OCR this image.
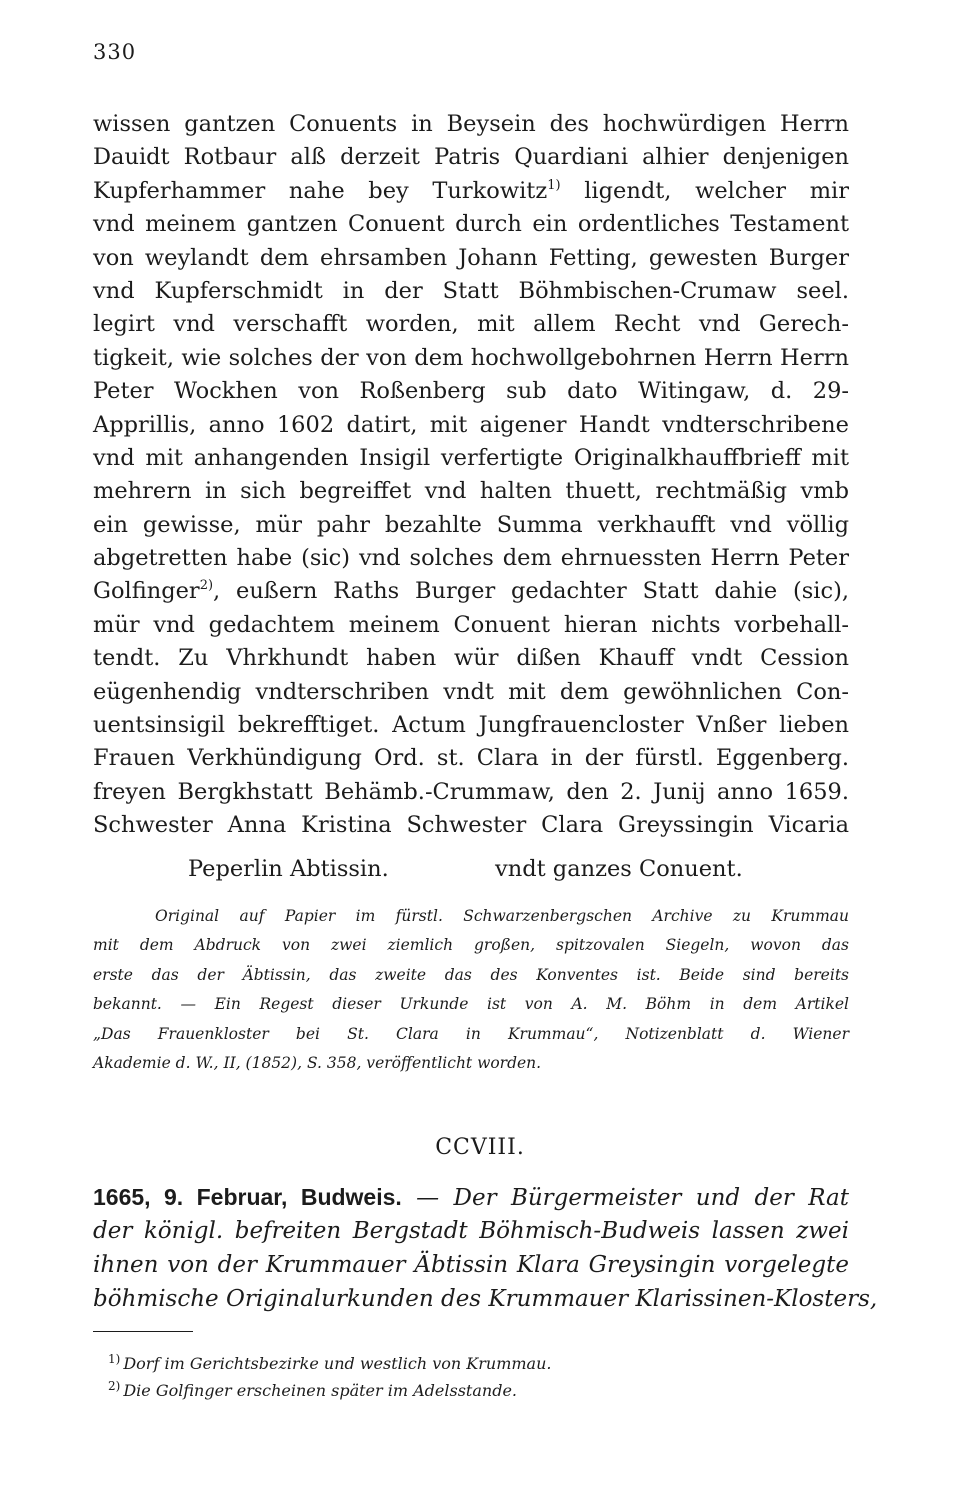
330
wissen gantzen Conuents in Beysein des hochwürdigen Herrn
Dauidt Rotbaur alß derzeit Patris Quardiani alhier denjenigen
Kupferhammer nahe bey Turkowitz$^{1)}$ ligendt, welcher mir
vnd meinem gantzen Conuent durch ein ordentliches Testament
von weylandt dem ehrsamben Johann Fetting, gewesten Burger
vnd Kupferschmidt in der Statt Böhmbischen-Crumaw seel.
legirt vnd verschafft worden, mit allem Recht vnd Gerech-
tigkeit, wie solches der von dem hochwollgebohrnen Herrn Herrn
Peter Wockhen von Roßenberg sub dato Witingaw, d. 29-
Apprillis, anno 1602 datirt, mit aigener Handt vndterschribene
vnd mit anhangenden Insigil verfertigte Originalkhauffbrieff mit
mehrern in sich begreiffet vnd halten thuett, rechtmäßig vmb
ein gewisse, mür pahr bezahlte Summa verkhaufft vnd völlig
abgetretten habe (sic) vnd solches dem ehrnuessten Herrn Peter
Golfinger$^{2)}$, eußern Raths Burger gedachter Statt dahie (sic),
mür vnd gedachtem meinem Conuent hieran nichts vorbehall-
tendt. Zu Vhrkhundt haben wür dißen Khauff vndt Cession
eügenhendig vndterschriben vndt mit dem gewöhnlichen Con-
uentsinsigil bekrefftiget. Actum Jungfrauencloster Vnßer lieben
Frauen Verkhündigung Ord. st. Clara in der fürstl. Eggenberg.
freyen Bergkhstatt Behämb.-Crummaw, den 2. Junij anno 1659.
Schwester Anna Kristina Schwester Clara Greyssingin Vicaria
Peperlin Abtissin.	vndt ganzes Conuent.
Original auf Papier im fürstl. Schwarzenbergschen Archive zu Krummau
mit dem Abdruck von zwei ziemlich großen, spitzovalen Siegeln, wovon das
erste das der Äbtissin, das zweite das des Konventes ist. Beide sind bereits
bekannt. — Ein Regest dieser Urkunde ist von A. M. Böhm in dem Artikel
„Das Frauenkloster bei St. Clara in Krummau“, Notizenblatt d. Wiener
Akademie d. W., II, (1852), S. 358, veröffentlicht worden.
CCVIII.
1665, 9. Februar, Budweis. — Der Bürgermeister und der Rat
der königl. befreiten Bergstadt Böhmisch-Budweis lassen zwei
ihnen von der Krummauer Äbtissin Klara Greysingin vorgelegte
böhmische Originalurkunden des Krummauer Klarissinen-Klosters,
$^{1)}$ Dorf im Gerichtsbezirke und westlich von Krummau.
$^{2)}$ Die Golfinger erscheinen später im Adelsstande.
